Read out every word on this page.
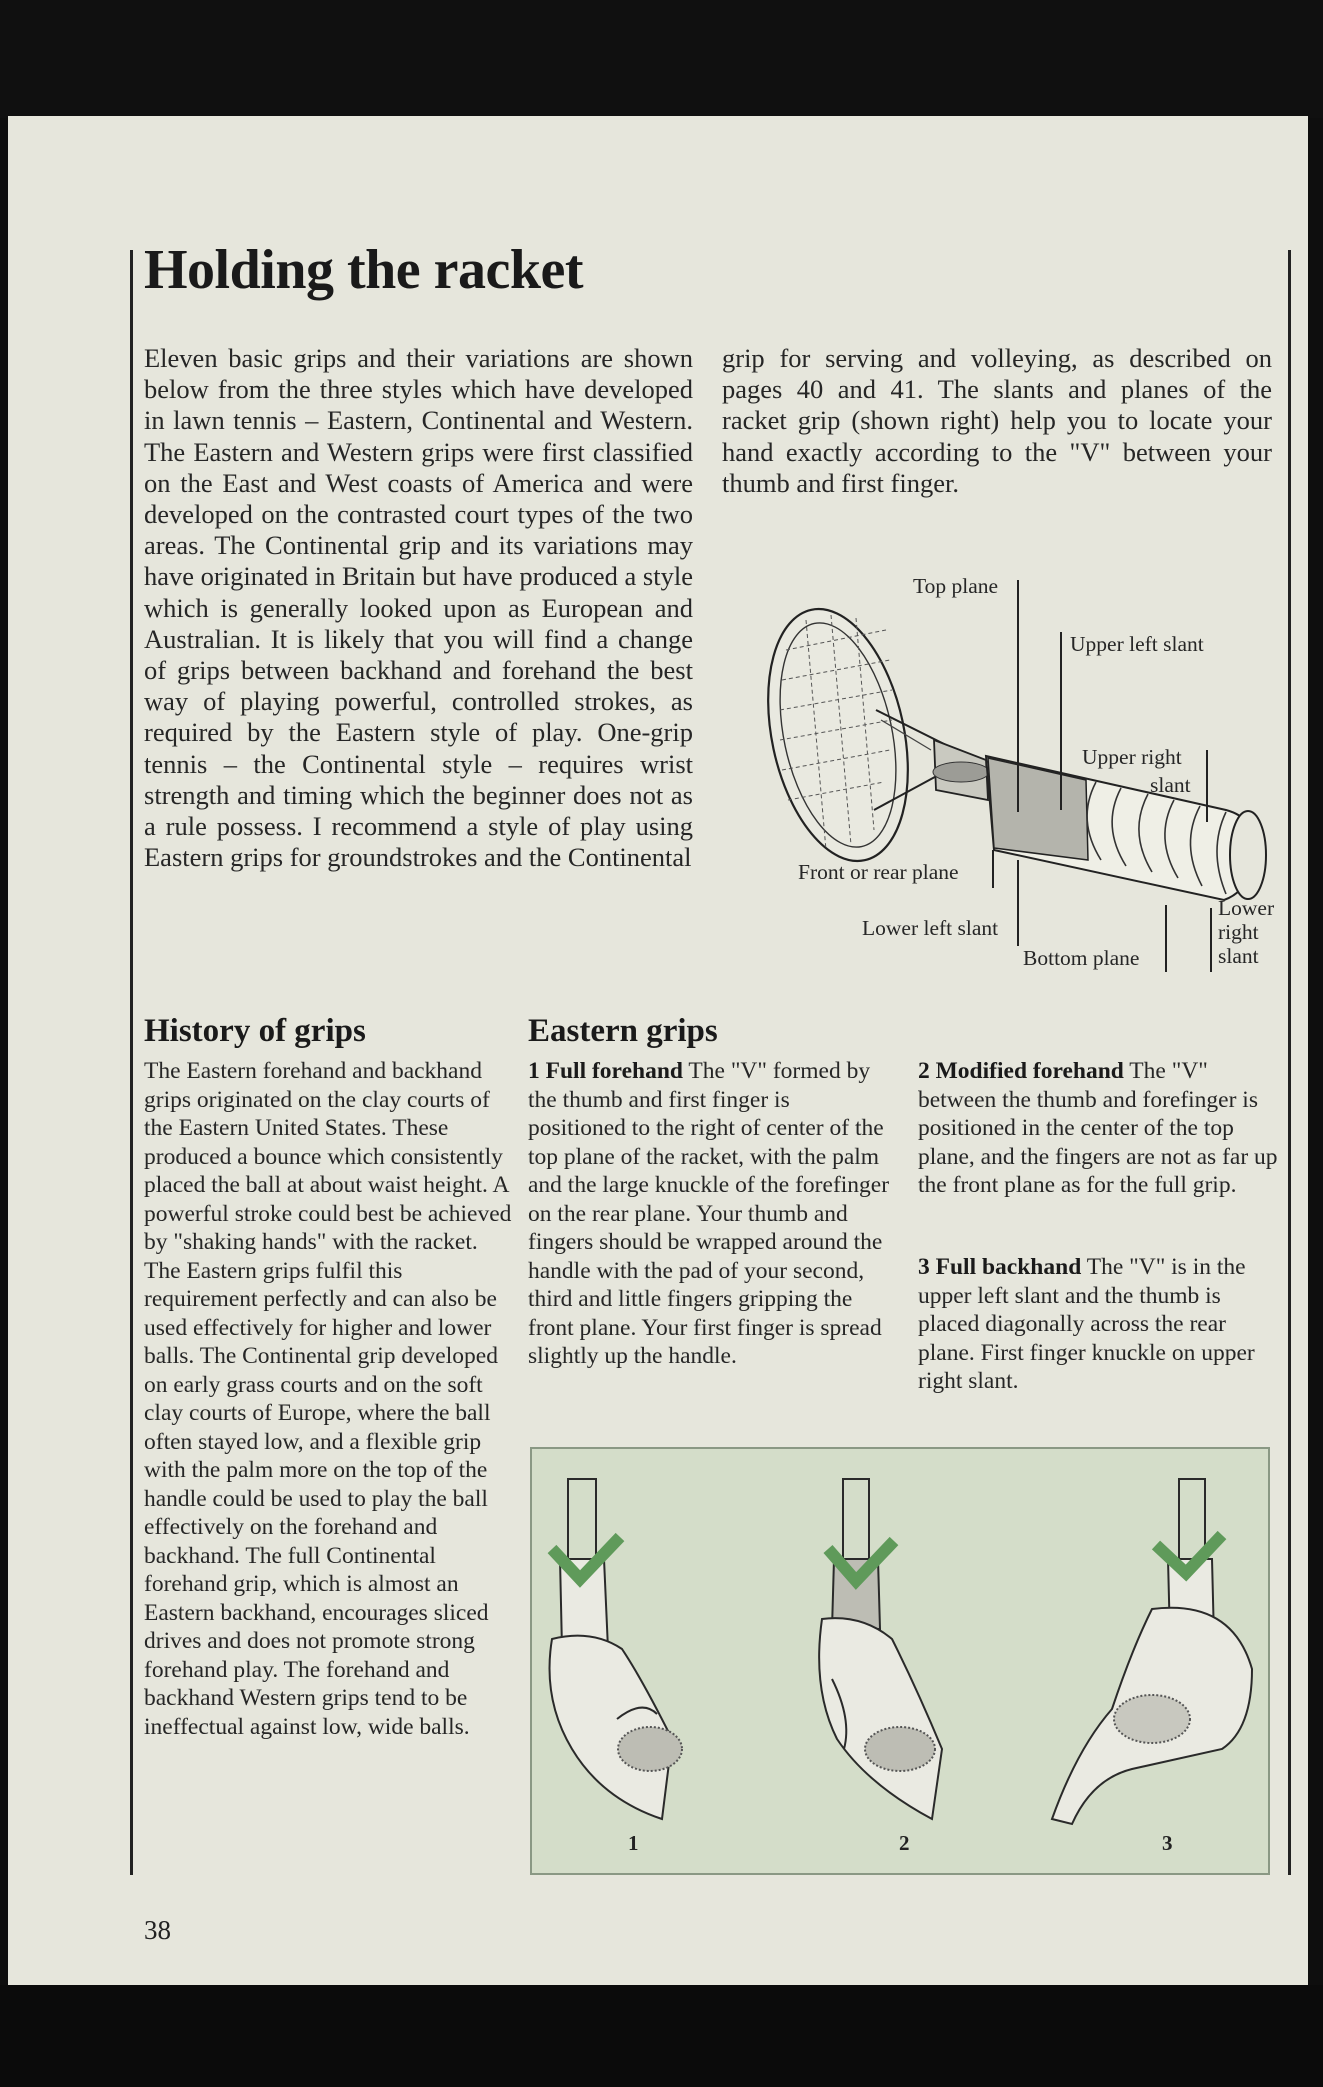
Holding the racket

Eleven basic grips and their variations are shown below from the three styles which have developed in lawn tennis – Eastern, Continental and Western. The Eastern and Western grips were first classified on the East and West coasts of America and were developed on the contrasted court types of the two areas. The Continental grip and its variations may have originated in Britain but have produced a style which is generally looked upon as European and Australian. It is likely that you will find a change of grips between backhand and forehand the best way of playing powerful, controlled strokes, as required by the Eastern style of play. One-grip tennis – the Continental style – requires wrist strength and timing which the beginner does not as a rule possess. I recommend a style of play using Eastern grips for groundstrokes and the Continental

grip for serving and volleying, as described on pages 40 and 41. The slants and planes of the racket grip (shown right) help you to locate your hand exactly according to the "V" between your thumb and first finger.

Top plane
Upper left slant
Upper right
slant
Front or rear plane
Lower left slant
Bottom plane
Lower
right
slant
History of grips

The Eastern forehand and backhand grips originated on the clay courts of the Eastern United States. These produced a bounce which consistently placed the ball at about waist height. A powerful stroke could best be achieved by "shaking hands" with the racket. The Eastern grips fulfil this requirement perfectly and can also be used effectively for higher and lower balls. The Continental grip developed on early grass courts and on the soft clay courts of Europe, where the ball often stayed low, and a flexible grip with the palm more on the top of the handle could be used to play the ball effectively on the forehand and backhand. The full Continental forehand grip, which is almost an Eastern backhand, encourages sliced drives and does not promote strong forehand play. The forehand and backhand Western grips tend to be ineffectual against low, wide balls.

Eastern grips

1 Full forehand The "V" formed by the thumb and first finger is positioned to the right of center of the top plane of the racket, with the palm and the large knuckle of the forefinger on the rear plane. Your thumb and fingers should be wrapped around the handle with the pad of your second, third and little fingers gripping the front plane. Your first finger is spread slightly up the handle.

2 Modified forehand The "V" between the thumb and forefinger is positioned in the center of the top plane, and the fingers are not as far up the front plane as for the full grip.

3 Full backhand The "V" is in the upper left slant and the thumb is placed diagonally across the rear plane. First finger knuckle on upper right slant.

1	2	3
38
